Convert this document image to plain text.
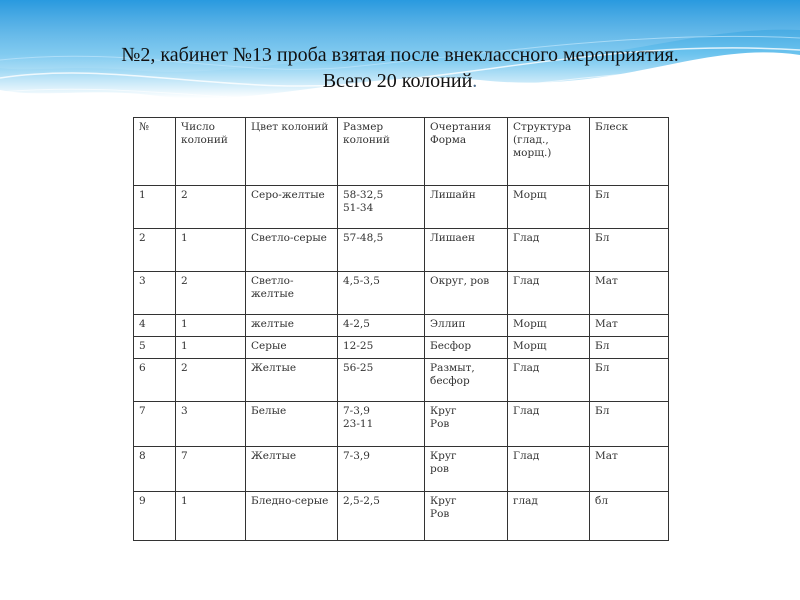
№2, кабинет №13 проба взятая после внеклассного мероприятия.
Всего 20 колоний.
№	Число
колоний	Цвет колоний	Размер
колоний	Очертания
Форма	Структура
(глад.,
морщ.)	Блеск
1	2	Серо-желтые	58-32,5
51-34	Лишайн	Морщ	Бл
2	1	Светло-серые	57-48,5	Лишаен	Глад	Бл
3	2	Светло-
желтые	4,5-3,5	Округ, ров	Глад	Мат
4	1	желтые	4-2,5	Эллип	Морщ	Мат
5	1	Серые	12-25	Бесфор	Морщ	Бл
6	2	Желтые	56-25	Размыт,
бесфор	Глад	Бл
7	3	Белые	7-3,9
23-11	Круг
Ров	Глад	Бл
8	7	Желтые	7-3,9	Круг
ров	Глад	Мат
9	1	Бледно-серые	2,5-2,5	Круг
Ров	глад	бл
